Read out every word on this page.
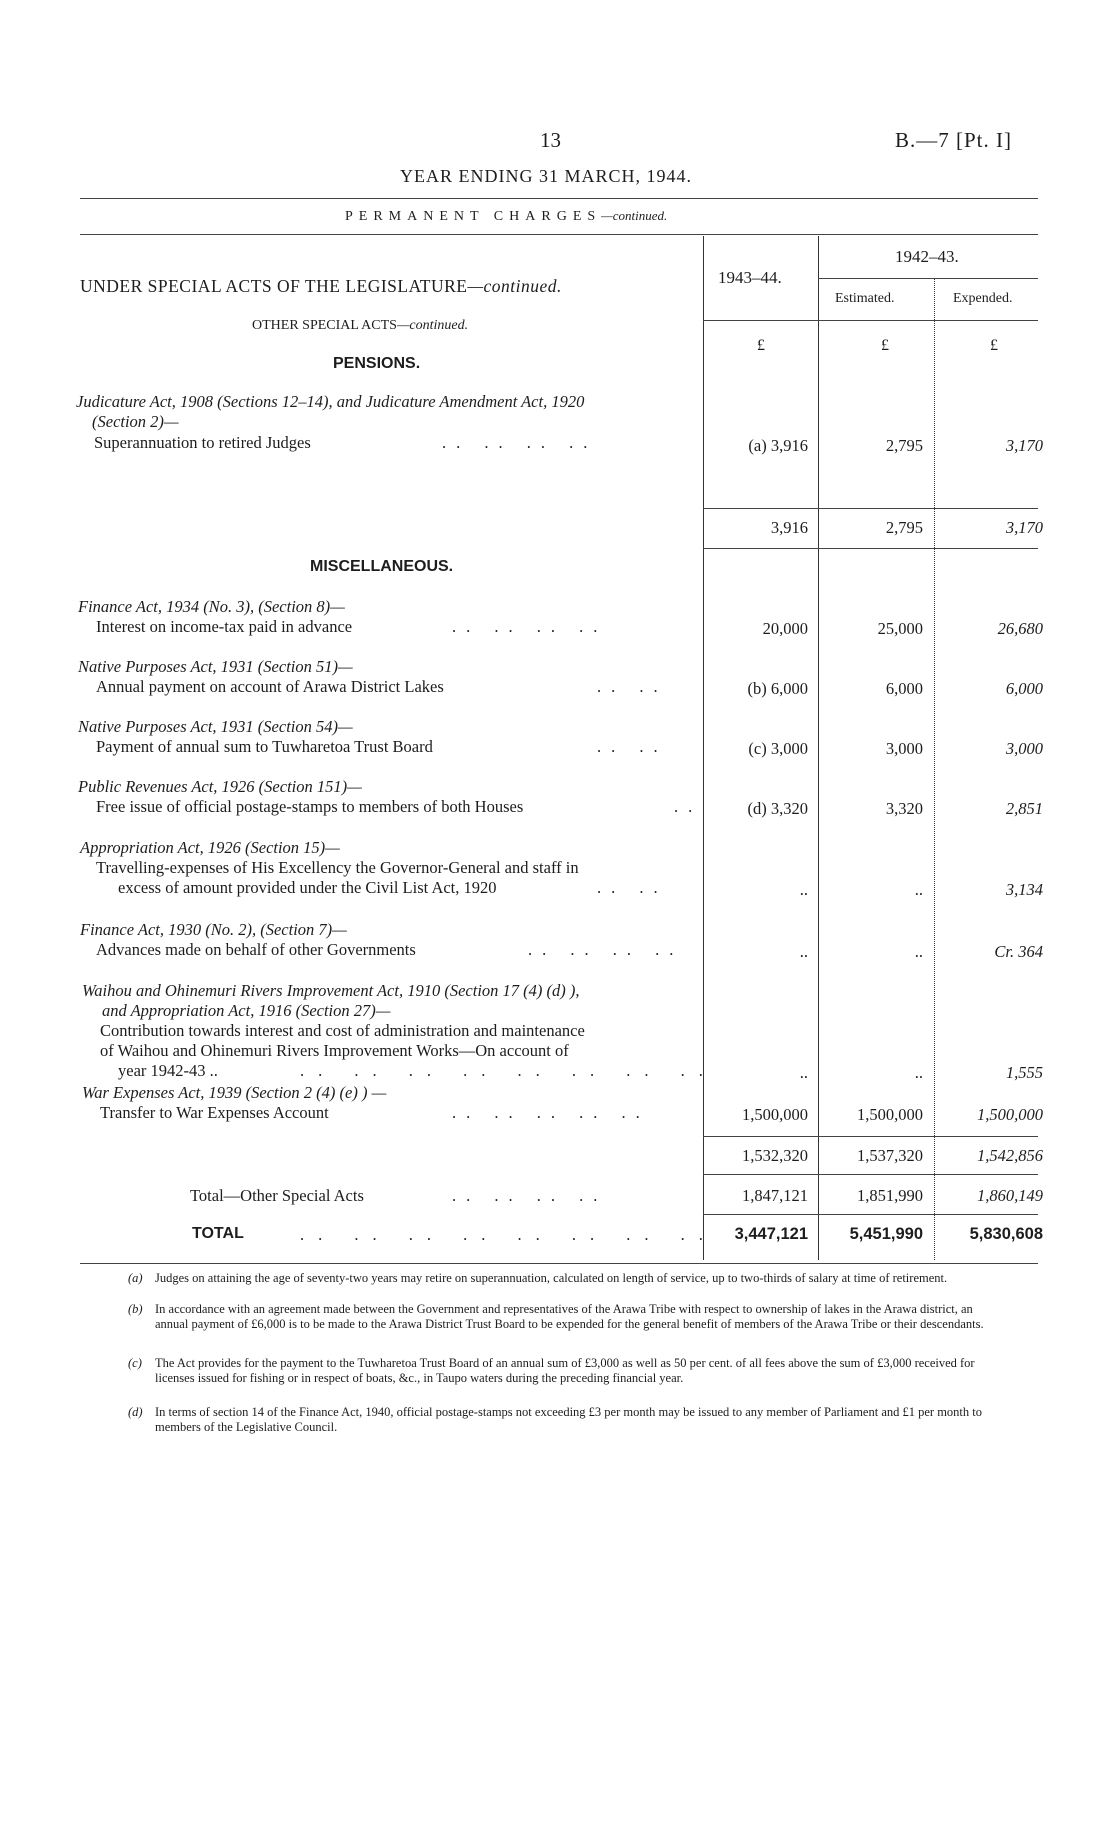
13	B.—7 [Pt. I]
YEAR ENDING 31 MARCH, 1944.
PERMANENT CHARGES—continued.
1943–44.
1942–43.
Estimated.	Expended.
£	£	£
UNDER SPECIAL ACTS OF THE LEGISLATURE—continued.
OTHER SPECIAL ACTS—continued.
PENSIONS.
Judicature Act, 1908 (Sections 12–14), and Judicature Amendment Act, 1920
(Section 2)—
Superannuation to retired Judges	.. .. .. ..	(a) 3,916	2,795	3,170
3,916	2,795	3,170
MISCELLANEOUS.
Finance Act, 1934 (No. 3), (Section 8)—
Interest on income-tax paid in advance	.. .. .. ..	20,000	25,000	26,680
Native Purposes Act, 1931 (Section 51)—
Annual payment on account of Arawa District Lakes	.. ..	(b) 6,000	6,000	6,000
Native Purposes Act, 1931 (Section 54)—
Payment of annual sum to Tuwharetoa Trust Board	.. ..	(c) 3,000	3,000	3,000
Public Revenues Act, 1926 (Section 151)—
Free issue of official postage-stamps to members of both Houses	..	(d) 3,320	3,320	2,851
Appropriation Act, 1926 (Section 15)—
Travelling-expenses of His Excellency the Governor-General and staff in
excess of amount provided under the Civil List Act, 1920	.. ..	..	..	3,134
Finance Act, 1930 (No. 2), (Section 7)—
Advances made on behalf of other Governments	.. .. .. ..	..	..	Cr. 364
Waihou and Ohinemuri Rivers Improvement Act, 1910 (Section 17 (4) (d) ),
and Appropriation Act, 1916 (Section 27)—
Contribution towards interest and cost of administration and maintenance
of Waihou and Ohinemuri Rivers Improvement Works—On account of
year 1942-43 ..	.. .. .. .. .. .. .. ..	..	..	1,555
War Expenses Act, 1939 (Section 2 (4) (e) ) —
Transfer to War Expenses Account	.. .. .. .. ..	1,500,000	1,500,000	1,500,000
1,532,320	1,537,320	1,542,856
Total—Other Special Acts	.. .. .. ..	1,847,121	1,851,990	1,860,149
TOTAL	.. .. .. .. .. .. .. ..	3,447,121	5,451,990	5,830,608
(a) Judges on attaining the age of seventy-two years may retire on superannuation, calculated on length of service, up to two-thirds of salary at time of retirement.
(b) In accordance with an agreement made between the Government and representatives of the Arawa Tribe with respect to ownership of lakes in the Arawa district, an annual payment of £6,000 is to be made to the Arawa District Trust Board to be expended for the general benefit of members of the Arawa Tribe or their descendants.
(c) The Act provides for the payment to the Tuwharetoa Trust Board of an annual sum of £3,000 as well as 50 per cent. of all fees above the sum of £3,000 received for licenses issued for fishing or in respect of boats, &c., in Taupo waters during the preceding financial year.
(d) In terms of section 14 of the Finance Act, 1940, official postage-stamps not exceeding £3 per month may be issued to any member of Parliament and £1 per month to members of the Legislative Council.
